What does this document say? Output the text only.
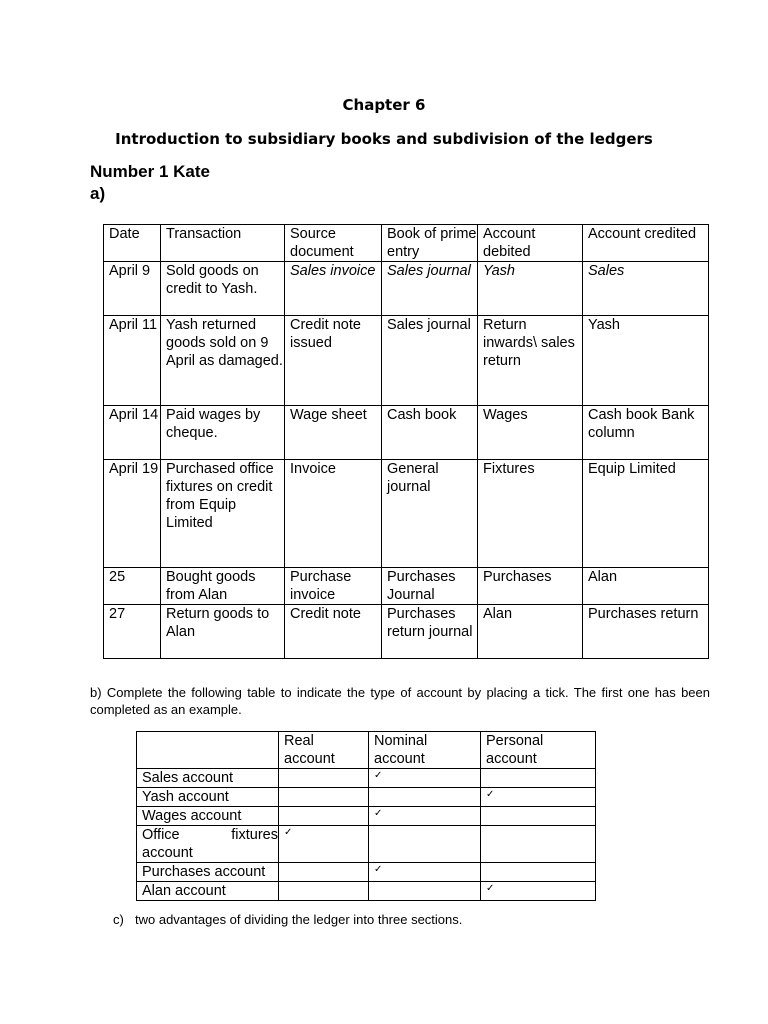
Chapter 6
Introduction to subsidiary books and subdivision of the ledgers
Number 1 Kate
a)
Date	Transaction	Source document	Book of prime entry	Account debited	Account credited
April 9	Sold goods on credit to Yash.	Sales invoice	Sales journal	Yash	Sales
April 11	Yash returned goods sold on 9 April as damaged.	Credit note issued	Sales journal	Return inwards\ sales return	Yash
April 14	Paid wages by cheque.	Wage sheet	Cash book	Wages	Cash book Bank column
April 19	Purchased office fixtures on credit from Equip Limited	Invoice	General journal	Fixtures	Equip Limited
25	Bought goods from Alan	Purchase invoice	Purchases Journal	Purchases	Alan
27	Return goods to Alan	Credit note	Purchases return journal	Alan	Purchases return
b) Complete the following table to indicate the type of account by placing a tick. The first one has been completed as an example.
	Real account	Nominal account	Personal account
Sales account		✓	
Yash account			✓
Wages account		✓	
Office fixtures account	✓		
Purchases account		✓	
Alan account			✓
c) two advantages of dividing the ledger into three sections.
